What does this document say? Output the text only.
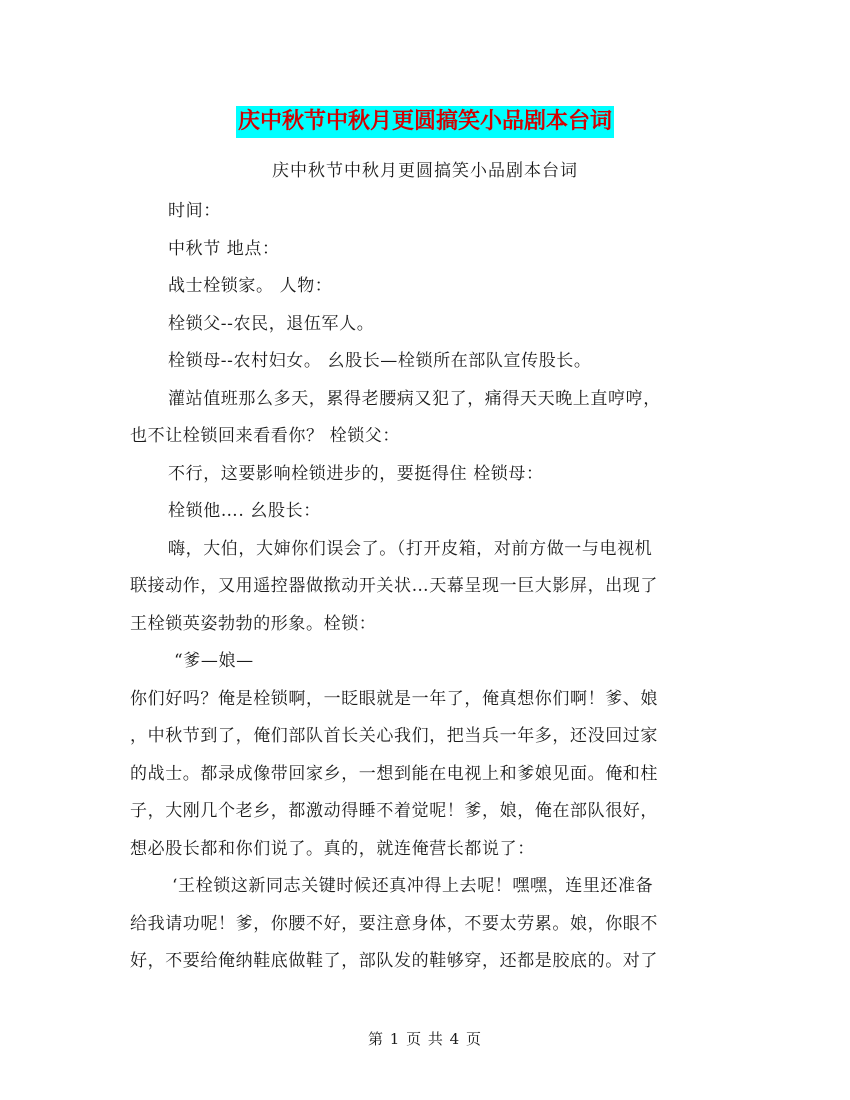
庆中秋节中秋月更圆搞笑小品剧本台词
庆中秋节中秋月更圆搞笑小品剧本台词
时间：
中秋节 地点：
战士栓锁家。 人物：
栓锁父--农民，退伍军人。
栓锁母--农村妇女。 幺股长—栓锁所在部队宣传股长。
灌站值班那么多天，累得老腰病又犯了，痛得天天晚上直哼哼，
也不让栓锁回来看看你？ 栓锁父：
不行，这要影响栓锁进步的，要挺得住 栓锁母：
栓锁他…. 幺股长：
嗨，大伯，大婶你们误会了。（打开皮箱，对前方做一与电视机
联接动作，又用遥控器做揿动开关状…天幕呈现一巨大影屏，出现了
王栓锁英姿勃勃的形象。栓锁：
“爹—娘—
你们好吗？俺是栓锁啊，一眨眼就是一年了，俺真想你们啊！爹、娘
，中秋节到了，俺们部队首长关心我们，把当兵一年多，还没回过家
的战士。都录成像带回家乡，一想到能在电视上和爹娘见面。俺和柱
子，大刚几个老乡，都激动得睡不着觉呢！爹，娘，俺在部队很好，
想必股长都和你们说了。真的，就连俺营长都说了：
‘王栓锁这新同志关键时候还真冲得上去呢！嘿嘿，连里还准备
给我请功呢！爹，你腰不好，要注意身体，不要太劳累。娘，你眼不
好，不要给俺纳鞋底做鞋了，部队发的鞋够穿，还都是胶底的。对了
第 1 页 共 4 页
